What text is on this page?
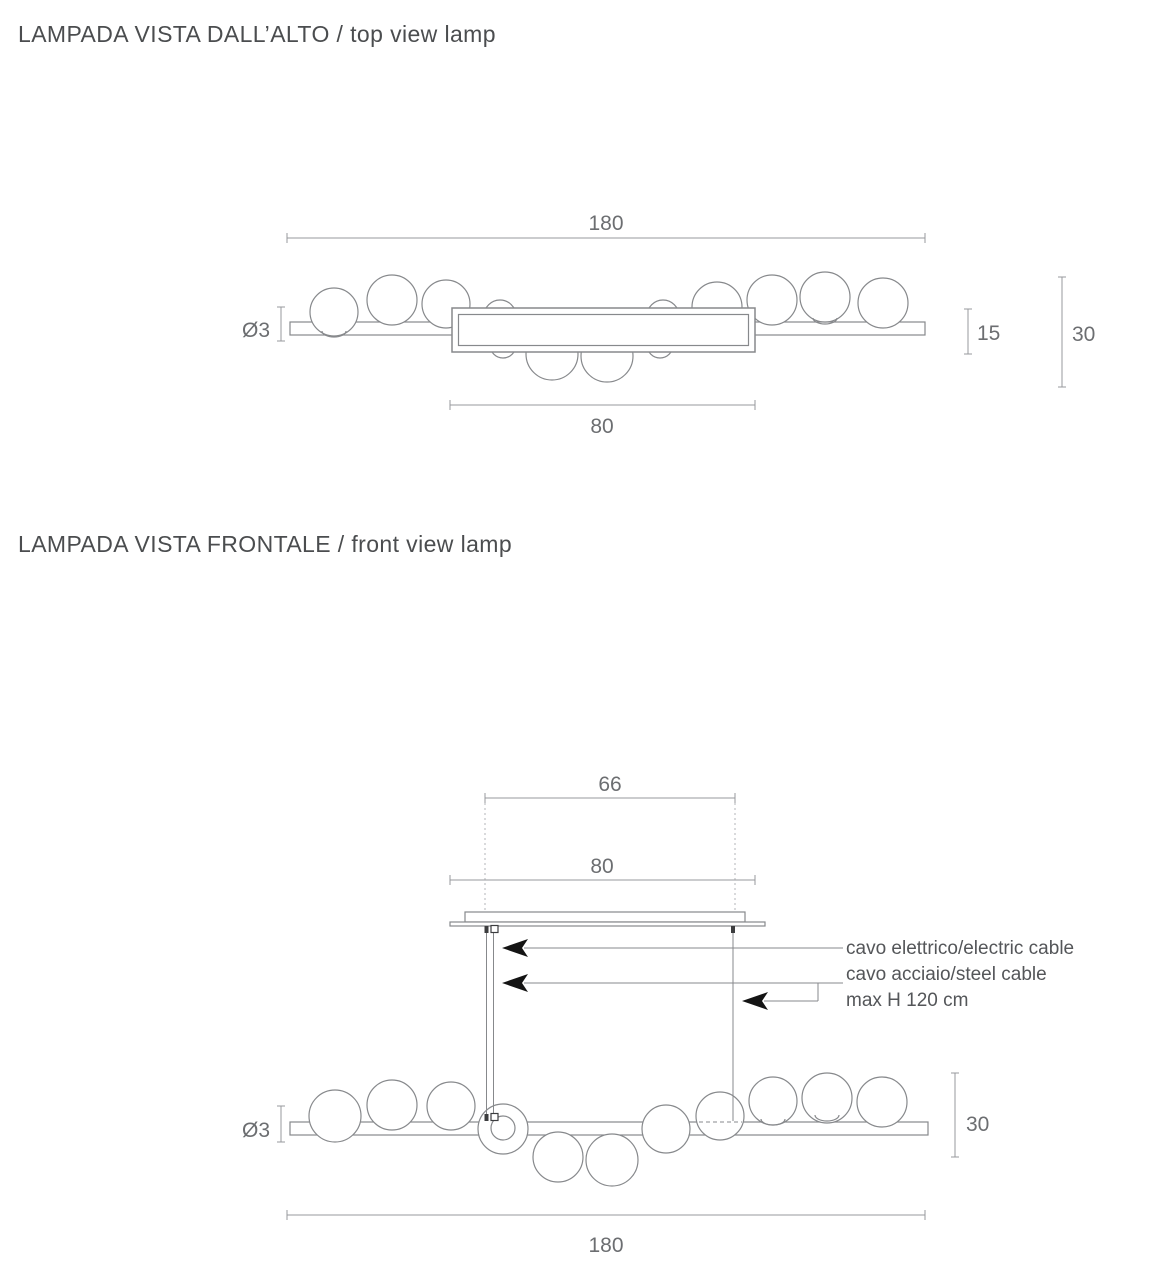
LAMPADA VISTA DALL’ALTO / top view lamp
180
80
Ø3	15	30
LAMPADA VISTA FRONTALE / front view lamp
66
80
cavo elettrico/electric cable
cavo acciaio/steel cable
max H 120 cm
Ø3	30
180
